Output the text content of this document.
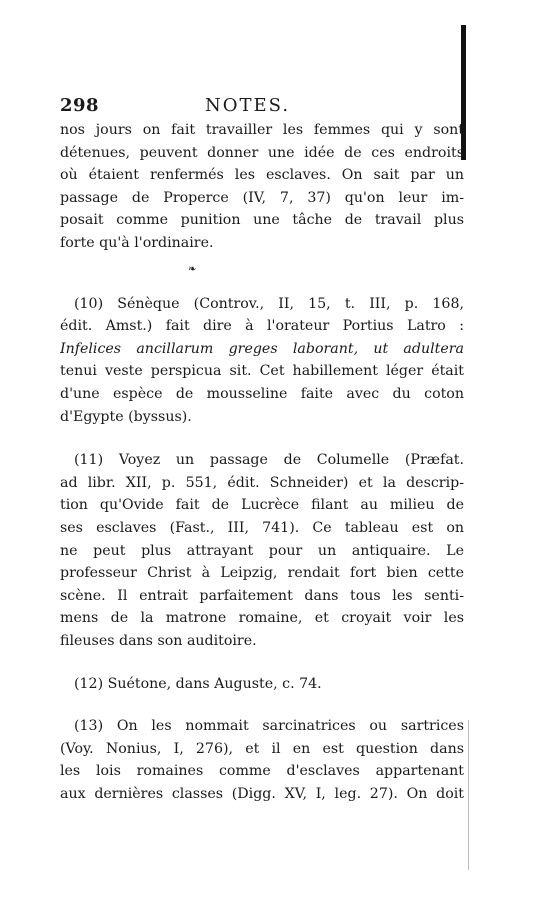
298	NOTES.
nos jours on fait travailler les femmes qui y sont
détenues, peuvent donner une idée de ces endroits
où étaient renfermés les esclaves. On sait par un
passage de Properce (IV, 7, 37) qu'on leur im-
posait comme punition une tâche de travail plus
forte qu'à l'ordinaire.
❧
(10) Sénèque (Controv., II, 15, t. III, p. 168,
édit. Amst.) fait dire à l'orateur Portius Latro :
Infelices ancillarum greges laborant, ut adultera
tenui veste perspicua sit. Cet habillement léger était
d'une espèce de mousseline faite avec du coton
d'Egypte (byssus).
(11) Voyez un passage de Columelle (Præfat.
ad libr. XII, p. 551, édit. Schneider) et la descrip-
tion qu'Ovide fait de Lucrèce filant au milieu de
ses esclaves (Fast., III, 741). Ce tableau est on
ne peut plus attrayant pour un antiquaire. Le
professeur Christ à Leipzig, rendait fort bien cette
scène. Il entrait parfaitement dans tous les senti-
mens de la matrone romaine, et croyait voir les
fileuses dans son auditoire.
(12) Suétone, dans Auguste, c. 74.
(13) On les nommait sarcinatrices ou sartrices
(Voy. Nonius, I, 276), et il en est question dans
les lois romaines comme d'esclaves appartenant
aux dernières classes (Digg. XV, I, leg. 27). On doit
